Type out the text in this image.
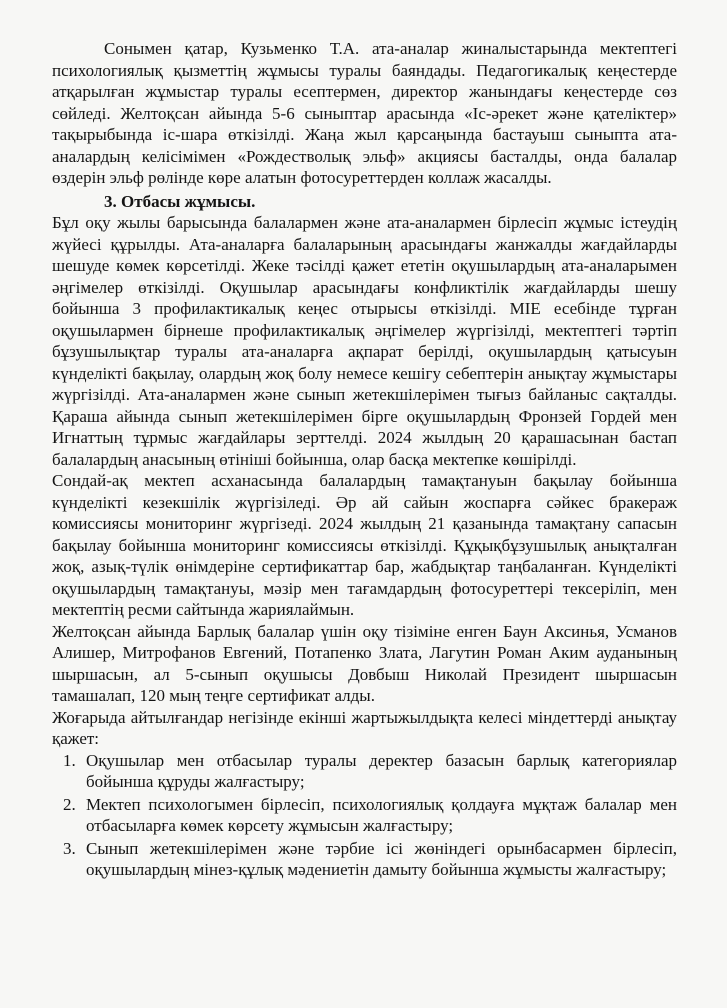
Сонымен қатар, Кузьменко Т.А. ата-аналар жиналыстарында мектептегі психологиялық қызметтің жұмысы туралы баяндады. Педагогикалық кеңестерде атқарылған жұмыстар туралы есептермен, директор жанындағы кеңестерде сөз сөйледі. Желтоқсан айында 5-6 сыныптар арасында «Іс-әрекет және қателіктер» тақырыбында іс-шара өткізілді. Жаңа жыл қарсаңында бастауыш сыныпта ата-аналардың келісімімен «Рождестволық эльф» акциясы басталды, онда балалар өздерін эльф рөлінде көре алатын фотосуреттерден коллаж жасалды.

3. Отбасы жұмысы.

Бұл оқу жылы барысында балалармен және ата-аналармен бірлесіп жұмыс істеудің жүйесі құрылды. Ата-аналарға балаларының арасындағы жанжалды жағдайларды шешуде көмек көрсетілді. Жеке тәсілді қажет ететін оқушылардың ата-аналарымен әңгімелер өткізілді. Оқушылар арасындағы конфликтілік жағдайларды шешу бойынша 3 профилактикалық кеңес отырысы өткізілді. МІЕ есебінде тұрған оқушылармен бірнеше профилактикалық әңгімелер жүргізілді, мектептегі тәртіп бұзушылықтар туралы ата-аналарға ақпарат берілді, оқушылардың қатысуын күнделікті бақылау, олардың жоқ болу немесе кешігу себептерін анықтау жұмыстары жүргізілді. Ата-аналармен және сынып жетекшілерімен тығыз байланыс сақталды. Қараша айында сынып жетекшілерімен бірге оқушылардың Фронзей Гордей мен Игнаттың тұрмыс жағдайлары зерттелді. 2024 жылдың 20 қарашасынан бастап балалардың анасының өтініші бойынша, олар басқа мектепке көшірілді.

Сондай-ақ мектеп асханасында балалардың тамақтануын бақылау бойынша күнделікті кезекшілік жүргізіледі. Әр ай сайын жоспарға сәйкес бракераж комиссиясы мониторинг жүргізеді. 2024 жылдың 21 қазанында тамақтану сапасын бақылау бойынша мониторинг комиссиясы өткізілді. Құқықбұзушылық анықталған жоқ, азық-түлік өнімдеріне сертификаттар бар, жабдықтар таңбаланған. Күнделікті оқушылардың тамақтануы, мәзір мен тағамдардың фотосуреттері тексеріліп, мен мектептің ресми сайтында жариялаймын.

Желтоқсан айында Барлық балалар үшін оқу тізіміне енген Баун Аксинья, Усманов Алишер, Митрофанов Евгений, Потапенко Злата, Лагутин Роман Аким ауданының шыршасын, ал 5-сынып оқушысы Довбыш Николай Президент шыршасын тамашалап, 120 мың теңге сертификат алды.

Жоғарыда айтылғандар негізінде екінші жартыжылдықта келесі міндеттерді анықтау қажет:

1. Оқушылар мен отбасылар туралы деректер базасын барлық категориялар бойынша құруды жалғастыру;
2. Мектеп психологымен бірлесіп, психологиялық қолдауға мұқтаж балалар мен отбасыларға көмек көрсету жұмысын жалғастыру;
3. Сынып жетекшілерімен және тәрбие ісі жөніндегі орынбасармен бірлесіп, оқушылардың мінез-құлық мәдениетін дамыту бойынша жұмысты жалғастыру;
